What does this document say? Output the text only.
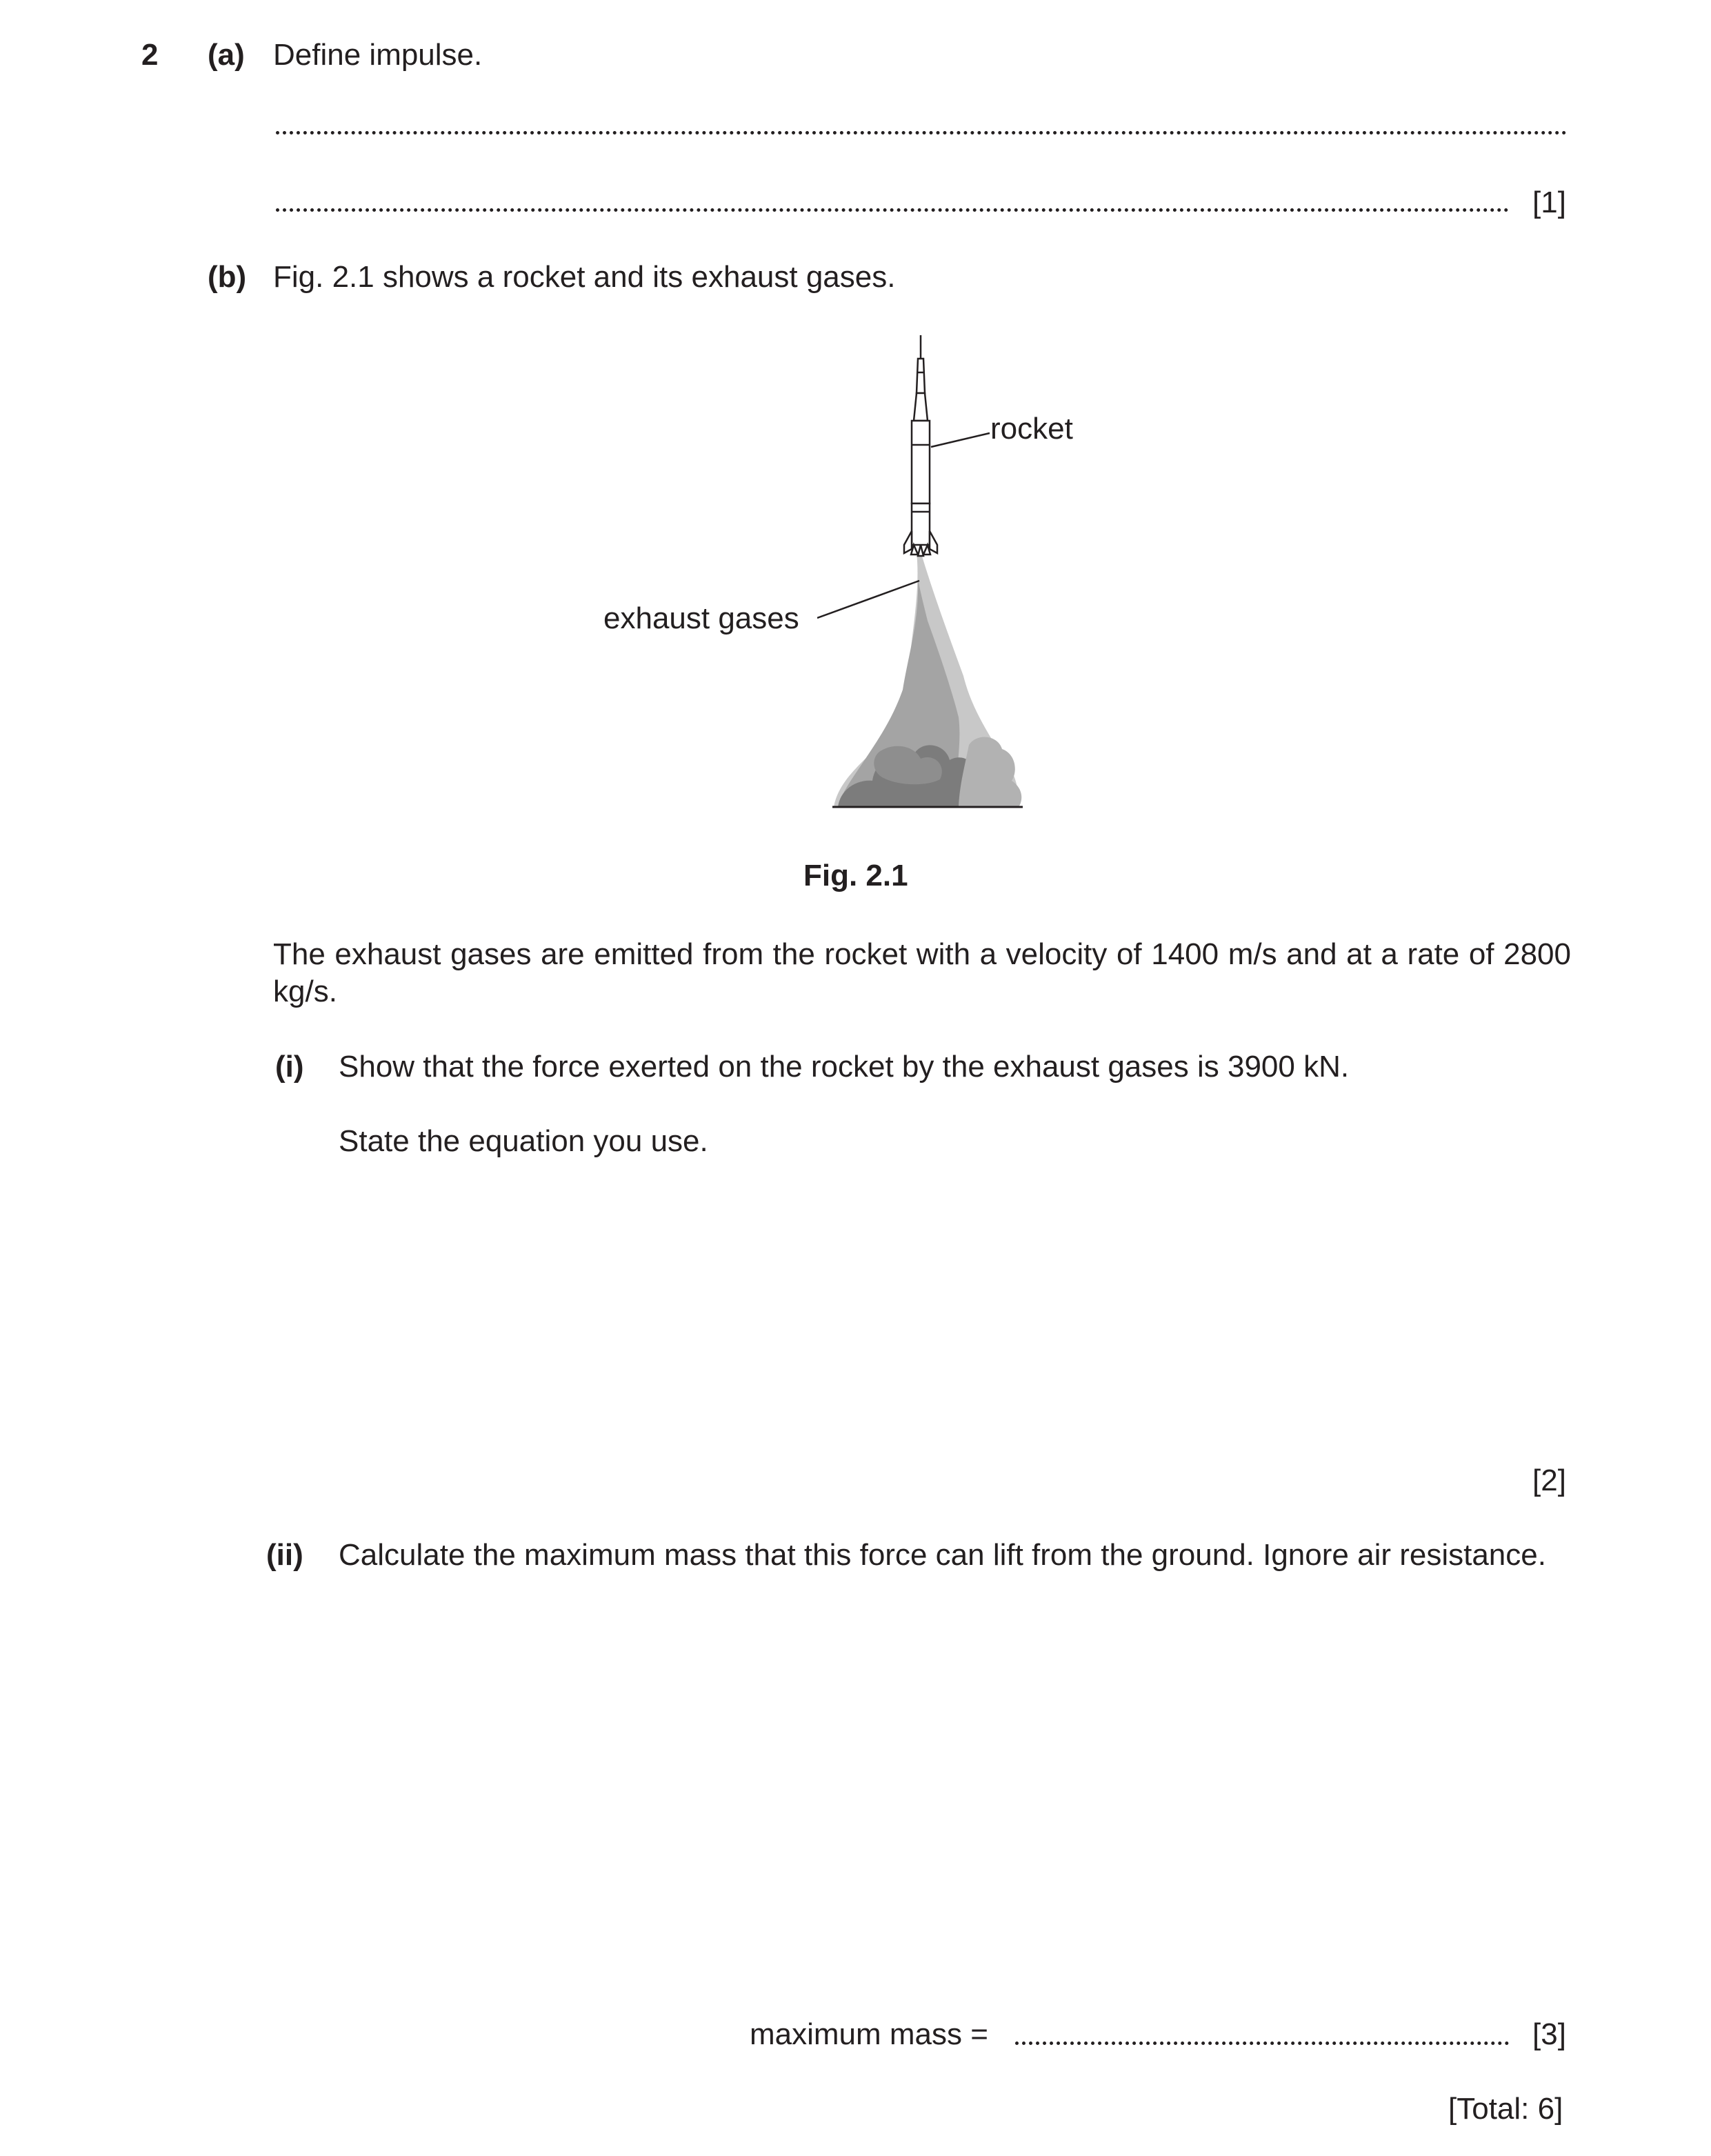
2 (a) Define impulse.
[1]
(b) Fig. 2.1 shows a rocket and its exhaust gases.
rocket
exhaust gases
Fig. 2.1
The exhaust gases are emitted from the rocket with a velocity of 1400 m/s and at a rate of 2800 kg/s.
(i) Show that the force exerted on the rocket by the exhaust gases is 3900 kN.
State the equation you use.
[2]
(ii) Calculate the maximum mass that this force can lift from the ground. Ignore air resistance.
maximum mass =	[3]
[Total: 6]
